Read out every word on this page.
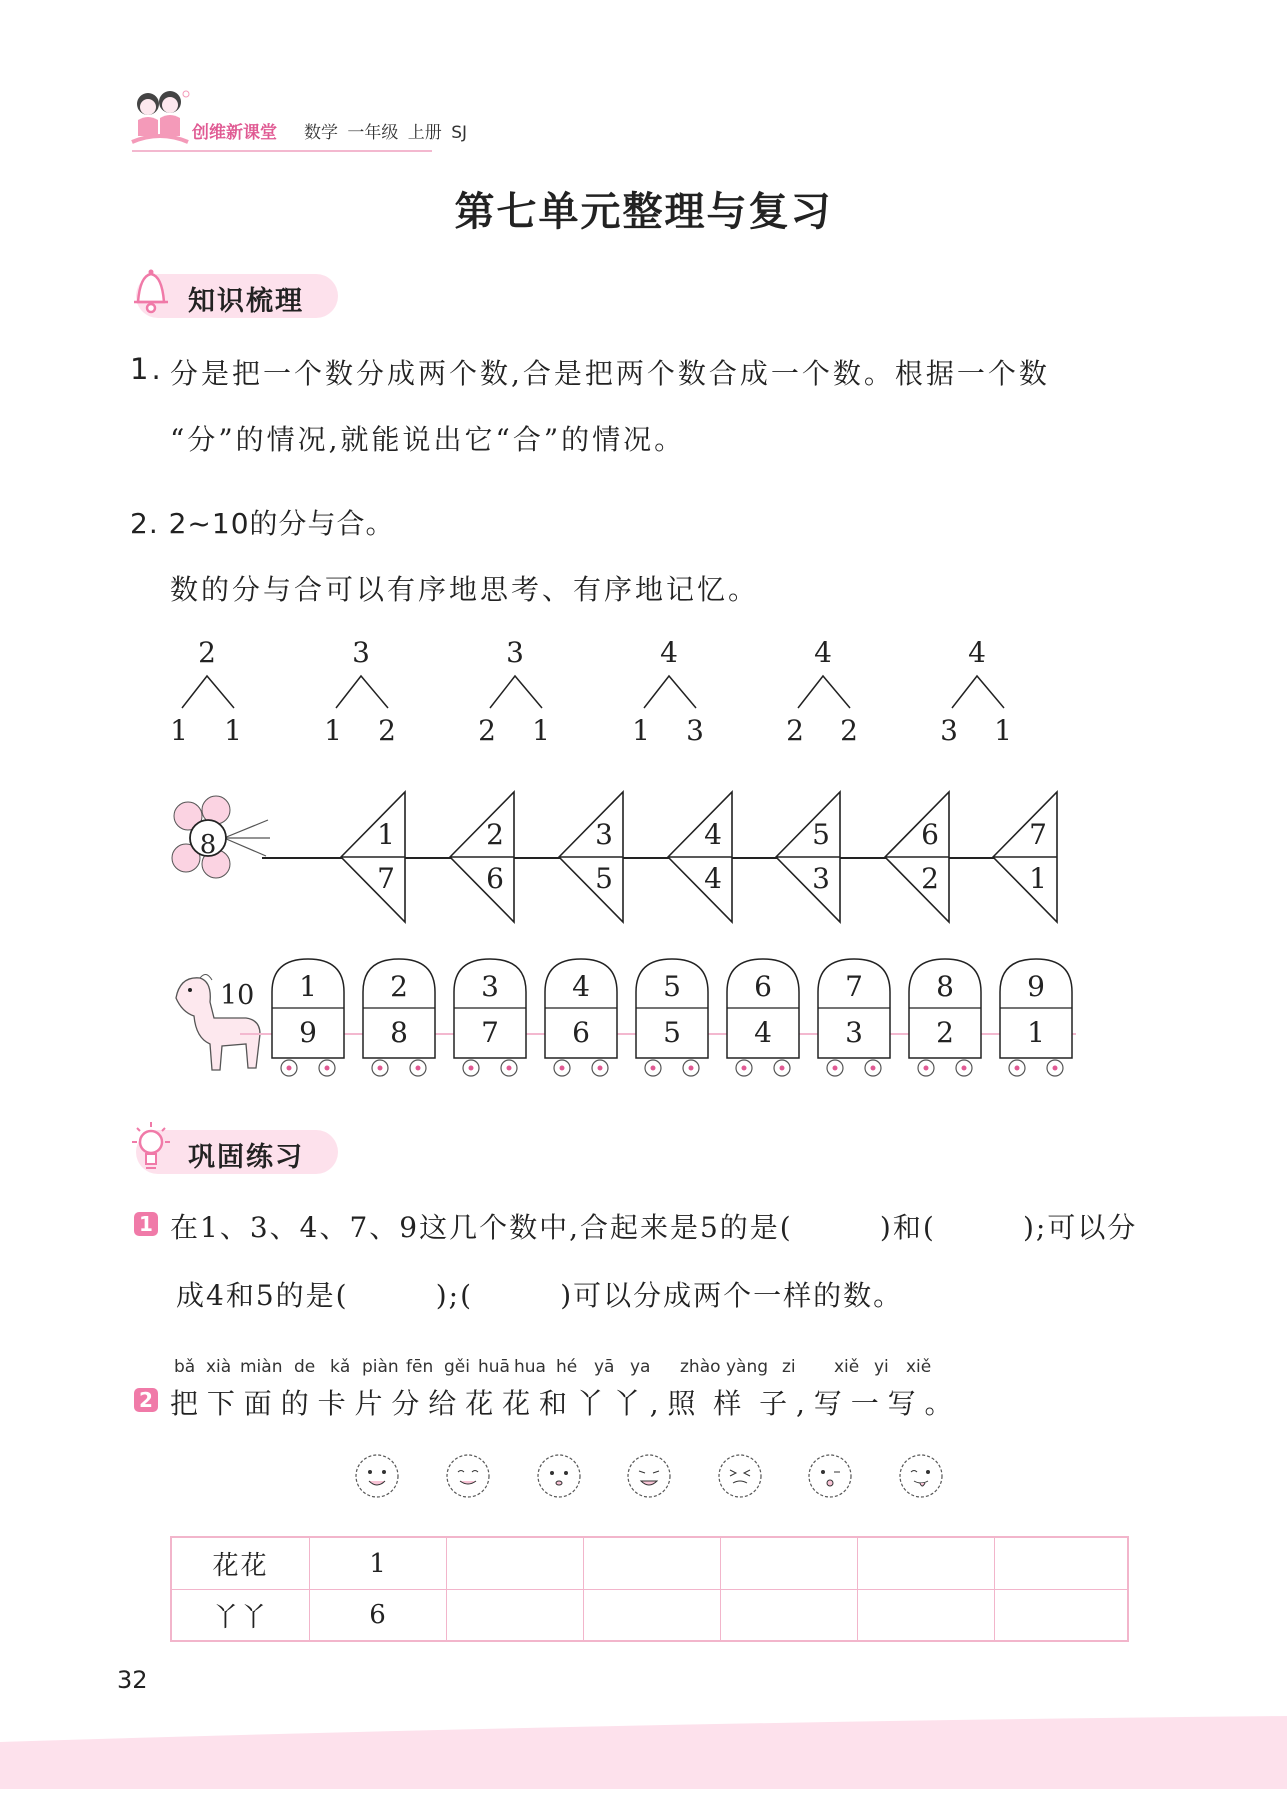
创维新课堂 数学 一年级 上册 SJ
第七单元整理与复习
知识梳理
1. 分是把一个数分成两个数,合是把两个数合成一个数。根据一个数
“分”的情况,就能说出它“合”的情况。
2. 2~10的分与合。
数的分与合可以有序地思考、有序地记忆。
2
1 1
3
1 2
3
2 1
4
1 3
4
2 2
4
3 1
8	1
7
2
6
3
5
4
4
5
3
6
2
7
1
10	1
9
2
8
3
7
4
6
5
5
6
4
7
3
8
2
9
1
巩固练习
1 在1、3、4、7、9这几个数中,合起来是5的是(        )和(        );可以分
成4和5的是(        );(        )可以分成两个一样的数。
bǎ xià miàn de kǎ piàn fēn gěi huā hua hé yā ya zhào yàng zi xiě yi xiě
2 把 下 面 的 卡 片 分 给 花 花 和 丫 丫 , 照  样  子 , 写 一 写 。
花花	1
丫丫	6
32
